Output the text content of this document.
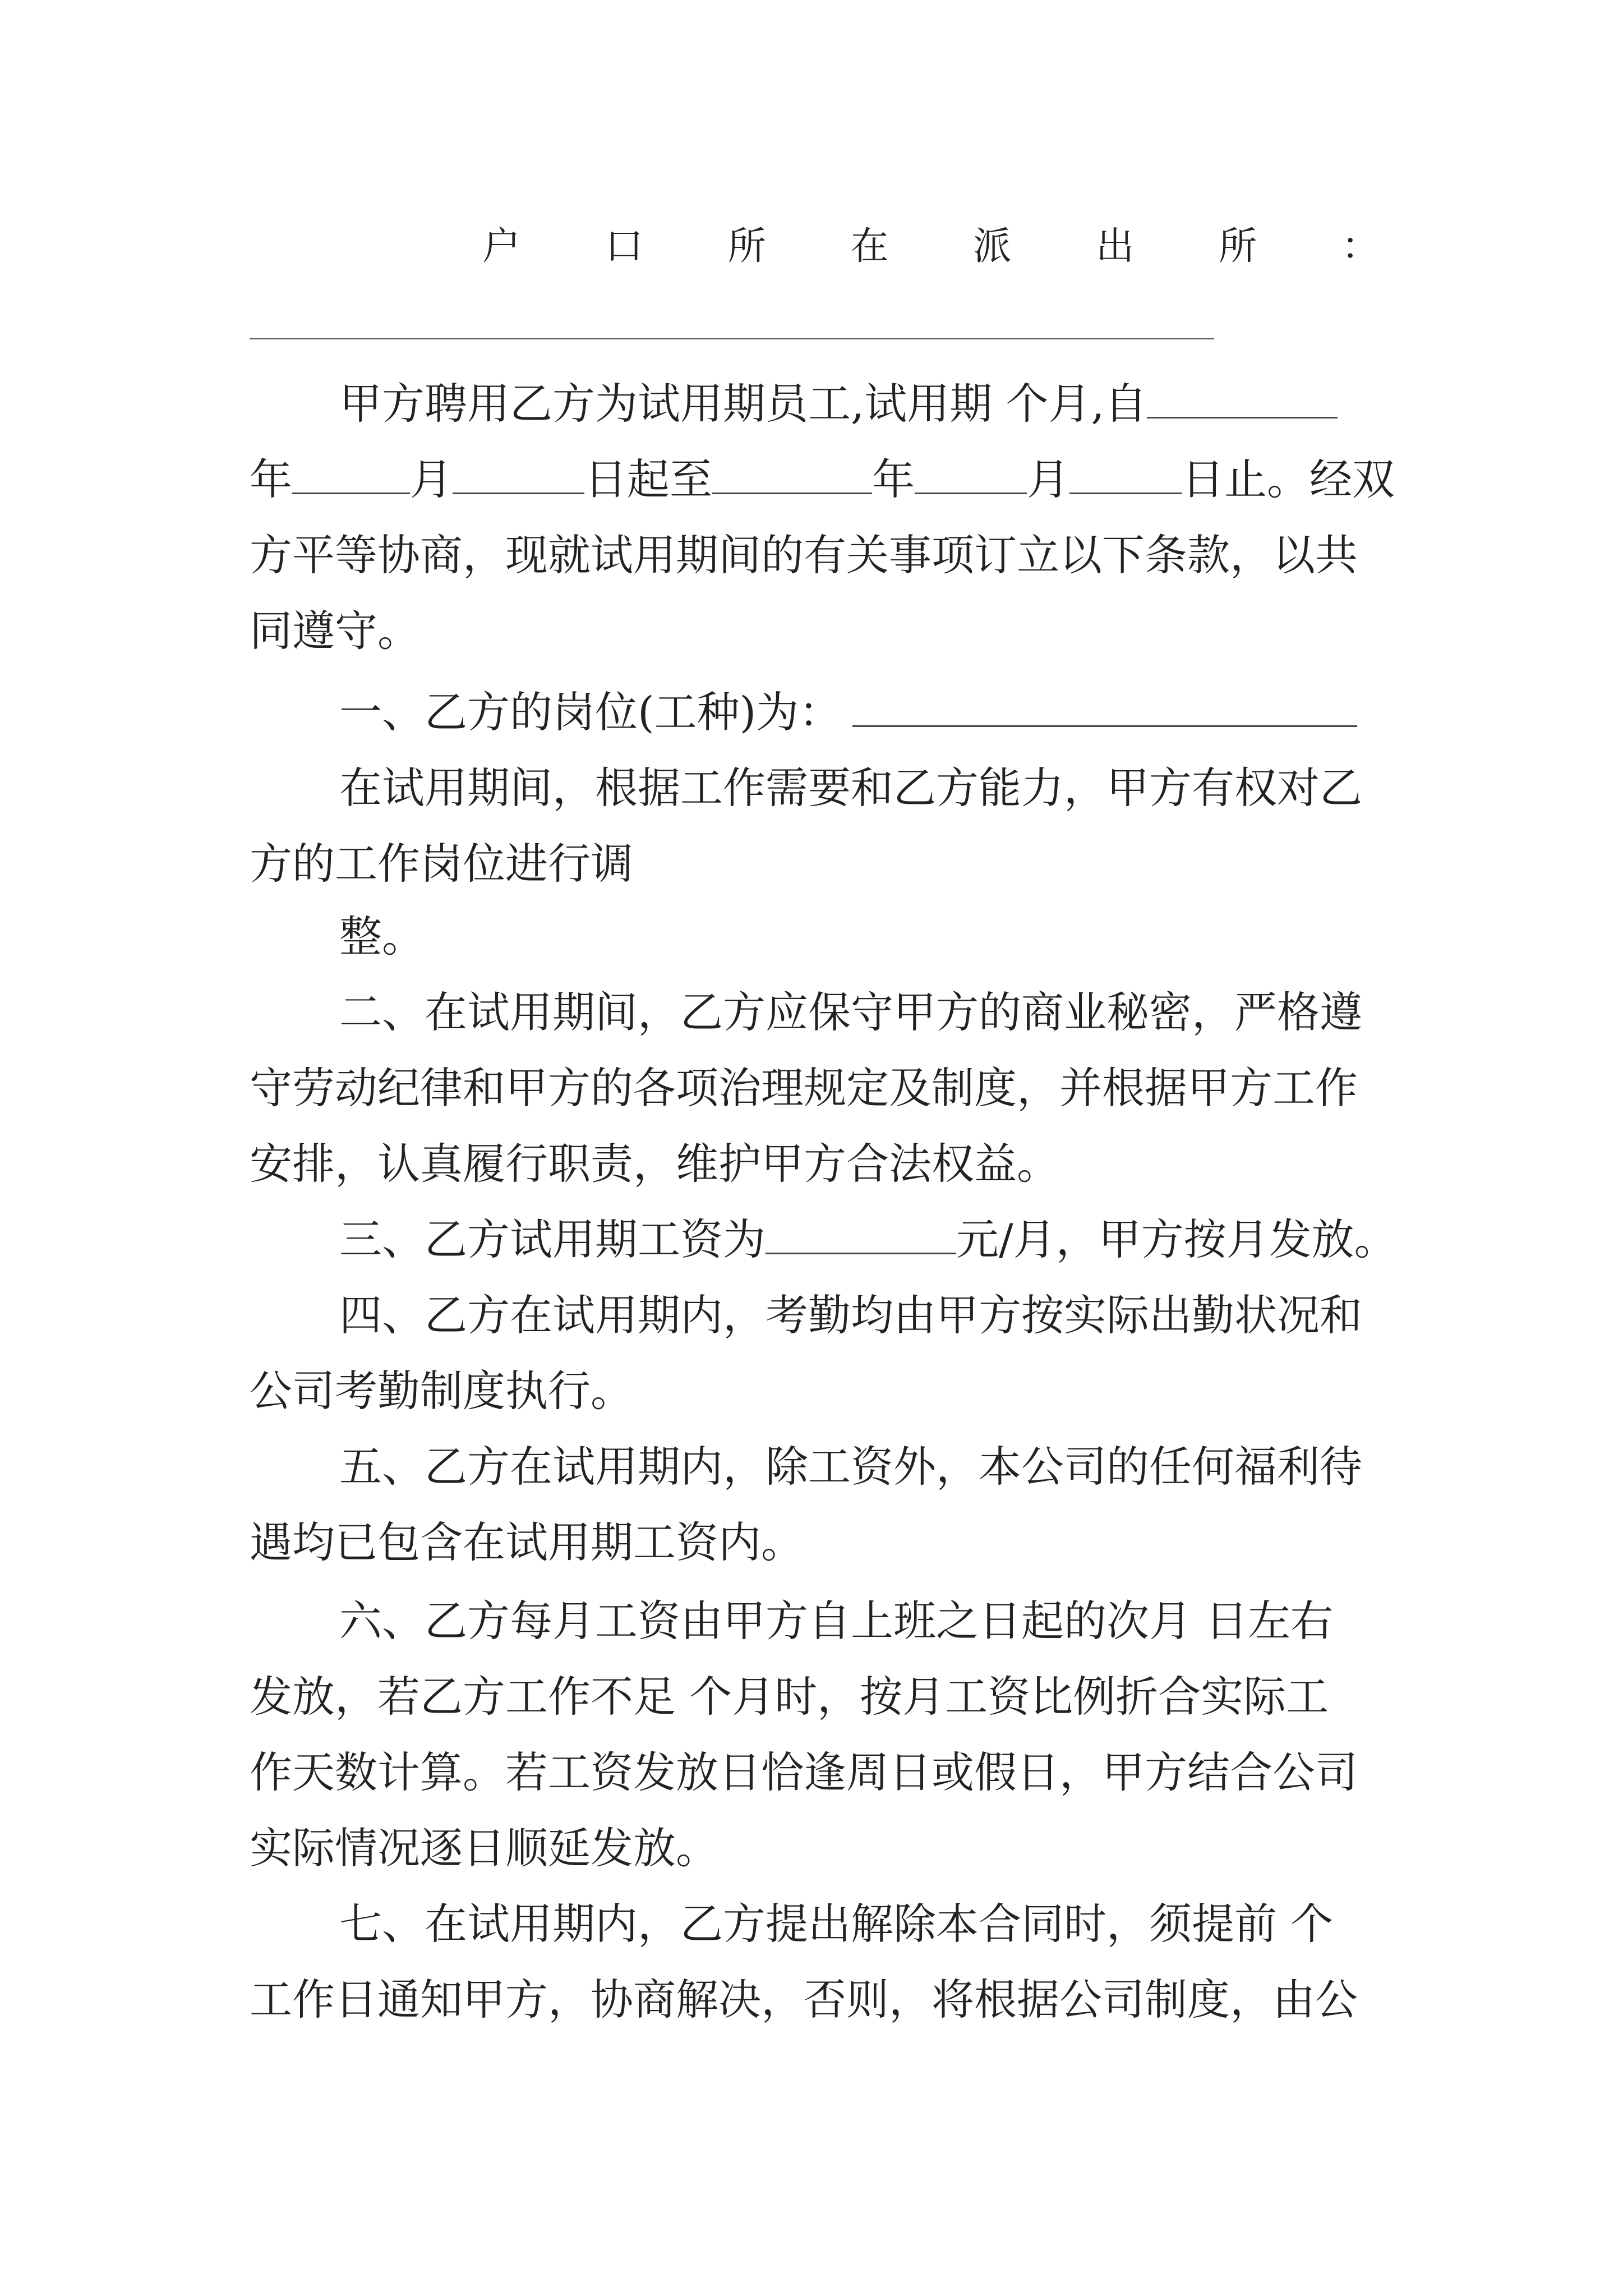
户 口 所 在 派 出 所 ：
甲方聘用乙方为试用期员工,试用期 个月,自
年	月	日起至	年	月	日止。经双
方平等协商，现就试用期间的有关事项订立以下条款，以共
同遵守。
一、乙方的岗位(工种)为：
在试用期间，根据工作需要和乙方能力，甲方有权对乙
方的工作岗位进行调
整。
二、在试用期间，乙方应保守甲方的商业秘密，严格遵
守劳动纪律和甲方的各项治理规定及制度，并根据甲方工作
安排，认真履行职责，维护甲方合法权益。
三、乙方试用期工资为	元/月，甲方按月发放。
四、乙方在试用期内，考勤均由甲方按实际出勤状况和
公司考勤制度执行。
五、乙方在试用期内，除工资外，本公司的任何福利待
遇均已包含在试用期工资内。
六、乙方每月工资由甲方自上班之日起的次月 日左右
发放，若乙方工作不足 个月时，按月工资比例折合实际工
作天数计算。若工资发放日恰逢周日或假日，甲方结合公司
实际情况逐日顺延发放。
七、在试用期内，乙方提出解除本合同时，须提前 个
工作日通知甲方，协商解决，否则，将根据公司制度，由公
